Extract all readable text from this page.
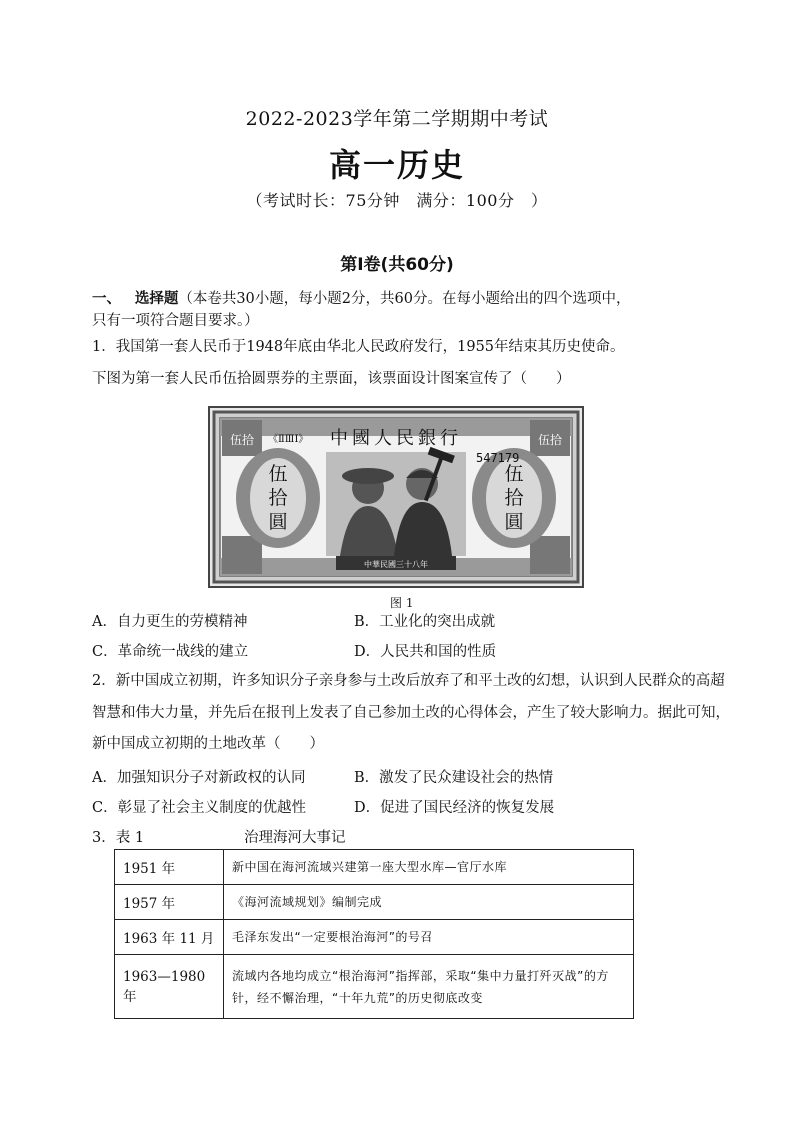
2022-2023学年第二学期期中考试
高一历史
（考试时长：75分钟　满分：100分　）
第Ⅰ卷(共60分)
一、 选择题（本卷共30小题，每小题2分，共60分。在每小题给出的四个选项中，
只有一项符合题目要求。）
1．我国第一套人民币于1948年底由华北人民政府发行，1955年结束其历史使命。
下图为第一套人民币伍拾圆票券的主票面，该票面设计图案宣传了（　　）
伍拾	伍拾
伍
拾
圓
伍
拾
圓
《ⅡⅢⅠ》 中國人民銀行
547179
中華民國三十八年
图 1
A．自力更生的劳模精神	B．工业化的突出成就
C．革命统一战线的建立	D．人民共和国的性质
2．新中国成立初期，许多知识分子亲身参与土改后放弃了和平土改的幻想，认识到人民群众的高超
智慧和伟大力量，并先后在报刊上发表了自己参加土改的心得体会，产生了较大影响力。据此可知，
新中国成立初期的土地改革（　　）
A．加强知识分子对新政权的认同	B．激发了民众建设社会的热情
C．彰显了社会主义制度的优越性	D．促进了国民经济的恢复发展
3．表 1	治理海河大事记
1951 年	新中国在海河流域兴建第一座大型水库—官厅水库
1957 年	《海河流域规划》编制完成
1963 年 11 月	毛泽东发出“一定要根治海河”的号召
1963—1980 年	流域内各地均成立“根治海河”指挥部，采取“集中力量打歼灭战”的方针，经不懈治理，“十年九荒”的历史彻底改变
